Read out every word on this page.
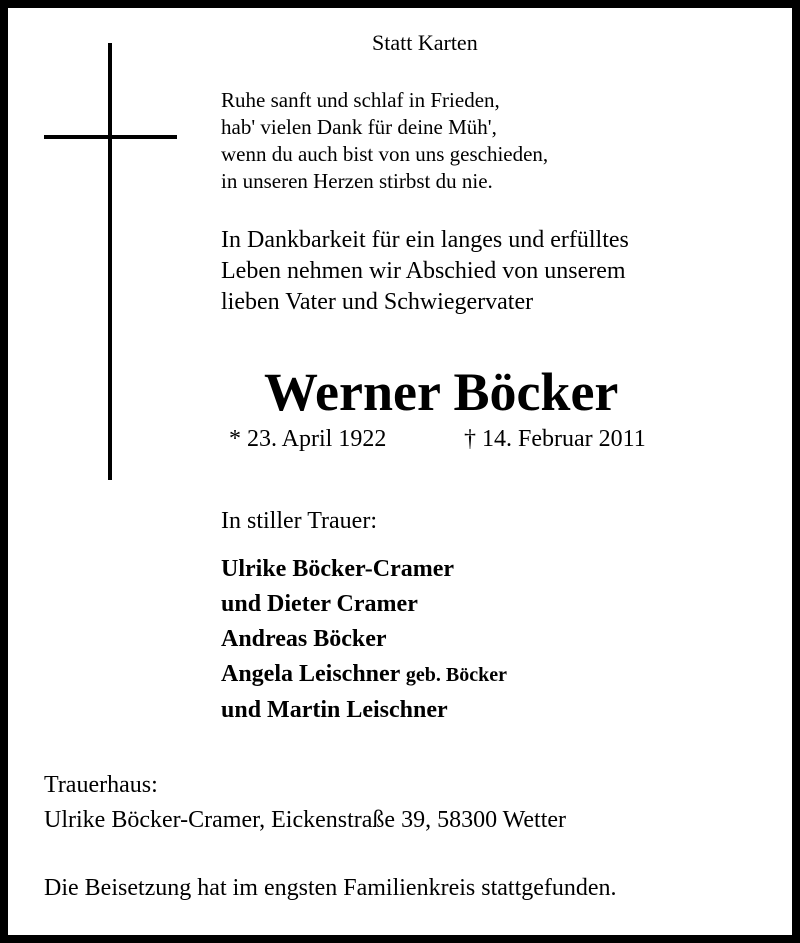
Statt Karten
Ruhe sanft und schlaf in Frieden,
hab' vielen Dank für deine Müh',
wenn du auch bist von uns geschieden,
in unseren Herzen stirbst du nie.
In Dankbarkeit für ein langes und erfülltes
Leben nehmen wir Abschied von unserem
lieben Vater und Schwiegervater
Werner Böcker
* 23. April 1922	† 14. Februar 2011
In stiller Trauer:
Ulrike Böcker-Cramer
und Dieter Cramer
Andreas Böcker
Angela Leischner geb. Böcker
und Martin Leischner
Trauerhaus:
Ulrike Böcker-Cramer, Eickenstraße 39, 58300 Wetter
Die Beisetzung hat im engsten Familienkreis stattgefunden.
